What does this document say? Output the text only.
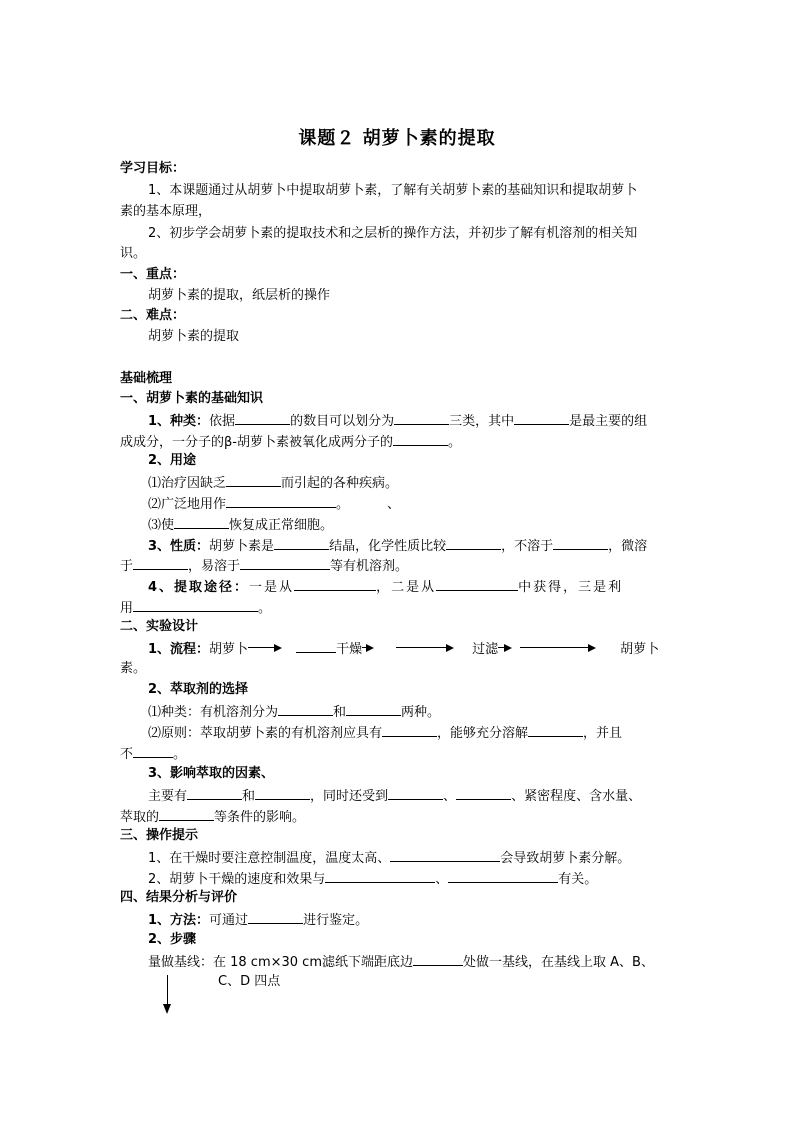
课题２ 胡萝卜素的提取
学习目标：
1、本课题通过从胡萝卜中提取胡萝卜素，了解有关胡萝卜素的基础知识和提取胡萝卜
素的基本原理，
2、初步学会胡萝卜素的提取技术和之层析的操作方法，并初步了解有机溶剂的相关知
识。
一、重点：
胡萝卜素的提取，纸层析的操作
二、难点：
胡萝卜素的提取
基础梳理
一、胡萝卜素的基础知识
1、种类：依据	的数目可以划分为	三类，其中	是最主要的组
成成分，一分子的β-胡萝卜素被氧化成两分子的	。
2、用途
⑴治疗因缺乏	而引起的各种疾病。
⑵广泛地用作	。	、
⑶使	恢复成正常细胞。
3、性质：胡萝卜素是	结晶，化学性质比较	，不溶于	，微溶
于	，易溶于	等有机溶剂。
4、提取途径：一是从	，二是从	中获得，三是利
用	。
二、实验设计
1、流程：胡萝卜	干燥	过滤	胡萝卜
素。
2、萃取剂的选择
⑴种类：有机溶剂分为	和	两种。
⑵原则：萃取胡萝卜素的有机溶剂应具有	，能够充分溶解	，并且
不	。
3、影响萃取的因素、
主要有	和	，同时还受到	、	、紧密程度、含水量、
萃取的	等条件的影响。
三、操作提示
1、在干燥时要注意控制温度，温度太高、	会导致胡萝卜素分解。
2、胡萝卜干燥的速度和效果与	、	有关。
四、结果分析与评价
1、方法：可通过	进行鉴定。
2、步骤
量做基线：在 18 cm×30 cm滤纸下端距底边	处做一基线，在基线上取 A、B、
C、D 四点
